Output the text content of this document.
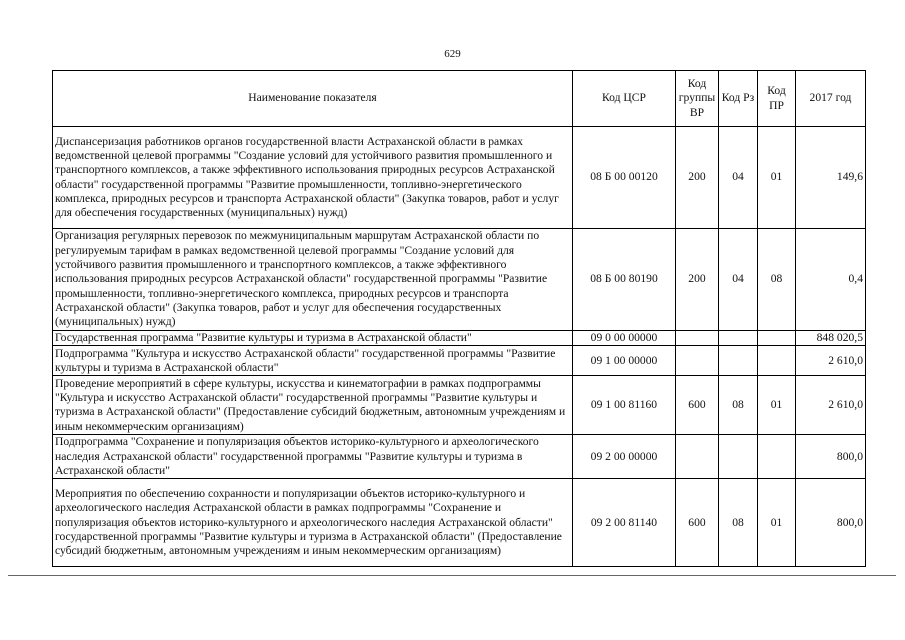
629
Наименование показателя	Код ЦСР	Код группы ВР	Код Рз	Код ПР	2017 год
Диспансеризация работников органов государственной власти Астраханской области в рамках ведомственной целевой программы "Создание условий для устойчивого развития промышленного и транспортного комплексов, а также эффективного использования природных ресурсов Астраханской области" государственной программы "Развитие промышленности, топливно-энергетического комплекса, природных ресурсов и транспорта Астраханской области" (Закупка товаров, работ и услуг для обеспечения государственных (муниципальных) нужд)	08 Б 00 00120	200	04	01	149,6
Организация регулярных перевозок по межмуниципальным маршрутам Астраханской области по регулируемым тарифам в рамках ведомственной целевой программы "Создание условий для устойчивого развития промышленного и транспортного комплексов, а также эффективного использования природных ресурсов Астраханской области" государственной программы "Развитие промышленности, топливно-энергетического комплекса, природных ресурсов и транспорта Астраханской области" (Закупка товаров, работ и услуг для обеспечения государственных (муниципальных) нужд)	08 Б 00 80190	200	04	08	0,4
Государственная программа "Развитие культуры и туризма в Астраханской области"	09 0 00 00000				848 020,5
Подпрограмма "Культура и искусство Астраханской области" государственной программы "Развитие культуры и туризма в Астраханской области"	09 1 00 00000				2 610,0
Проведение мероприятий в сфере культуры, искусства и кинематографии в рамках подпрограммы "Культура и искусство Астраханской области" государственной программы "Развитие культуры и туризма в Астраханской области" (Предоставление субсидий бюджетным, автономным учреждениям и иным некоммерческим организациям)	09 1 00 81160	600	08	01	2 610,0
Подпрограмма "Сохранение и популяризация объектов историко-культурного и археологического наследия Астраханской области" государственной программы "Развитие культуры и туризма в Астраханской области"	09 2 00 00000				800,0
Мероприятия по обеспечению сохранности и популяризации объектов историко-культурного и археологического наследия Астраханской области в рамках подпрограммы "Сохранение и популяризация объектов историко-культурного и археологического наследия Астраханской области" государственной программы "Развитие культуры и туризма в Астраханской области" (Предоставление субсидий бюджетным, автономным учреждениям и иным некоммерческим организациям)	09 2 00 81140	600	08	01	800,0
